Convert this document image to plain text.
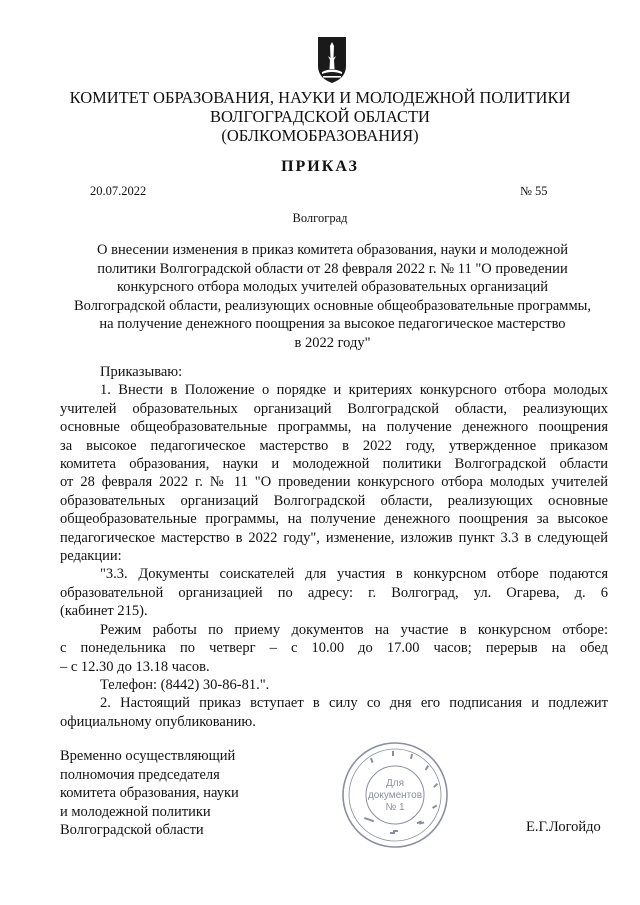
КОМИТЕТ ОБРАЗОВАНИЯ, НАУКИ И МОЛОДЕЖНОЙ ПОЛИТИКИ
ВОЛГОГРАДСКОЙ ОБЛАСТИ
(ОБЛКОМОБРАЗОВАНИЯ)
ПРИКАЗ
20.07.2022	№ 55
Волгоград
О внесении изменения в приказ комитета образования, науки и молодежной
политики Волгоградской области от 28 февраля 2022 г. № 11 "О проведении
конкурсного отбора молодых учителей образовательных организаций
Волгоградской области, реализующих основные общеобразовательные программы,
на получение денежного поощрения за высокое педагогическое мастерство
в 2022 году"

Приказываю:

1. Внести в Положение о порядке и критериях конкурсного отбора молодых

учителей образовательных организаций Волгоградской области, реализующих

основные общеобразовательные программы, на получение денежного поощрения

за высокое педагогическое мастерство в 2022 году, утвержденное приказом

комитета образования, науки и молодежной политики Волгоградской области

от 28 февраля 2022 г. № 11 "О проведении конкурсного отбора молодых учителей

образовательных организаций Волгоградской области, реализующих основные

общеобразовательные программы, на получение денежного поощрения за высокое

педагогическое мастерство в 2022 году", изменение, изложив пункт 3.3 в следующей

редакции:

"3.3. Документы соискателей для участия в конкурсном отборе подаются

образовательной организацией по адресу: г. Волгоград, ул. Огарева, д. 6

(кабинет 215).

Режим работы по приему документов на участие в конкурсном отборе:

с понедельника по четверг – с 10.00 до 17.00 часов; перерыв на обед

– с 12.30 до 13.18 часов.

Телефон: (8442) 30-86-81.".

2. Настоящий приказ вступает в силу со дня его подписания и подлежит

официальному опубликованию.

Временно осуществляющий
полномочия председателя
комитета образования, науки
и молодежной политики
Волгоградской области
Для
документов
№ 1
Е.Г.Логойдо
